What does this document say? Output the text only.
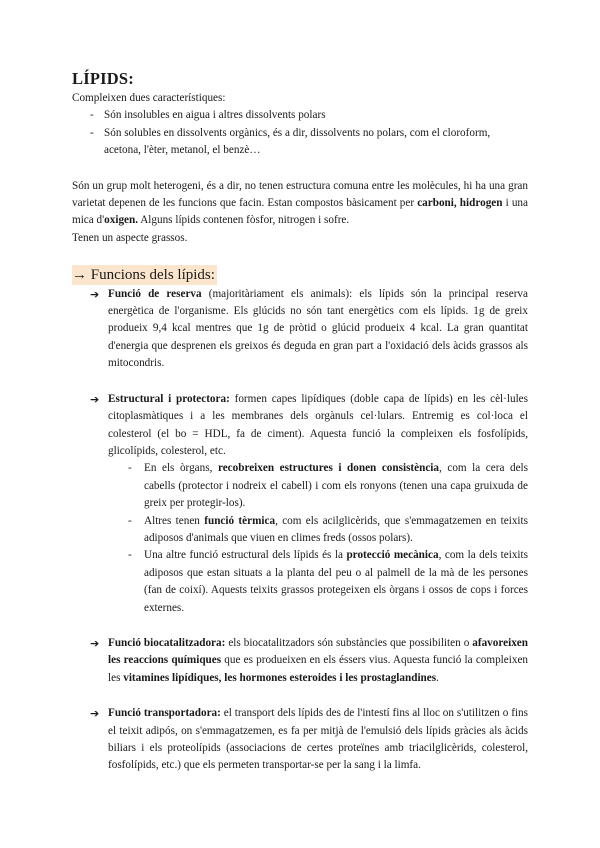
LÍPIDS:

Compleixen dues característiques:

- Són insolubles en aigua i altres dissolvents polars
- Són solubles en dissolvents orgànics, és a dir, dissolvents no polars, com el cloroform, acetona, l'èter, metanol, el benzè…

Són un grup molt heterogeni, és a dir, no tenen estructura comuna entre les molècules, hi ha una gran varietat depenen de les funcions que facin. Estan compostos bàsicament per carboni, hidrogen i una mica d'oxigen. Alguns lípids contenen fòsfor, nitrogen i sofre.

Tenen un aspecte grassos.

→ Funcions dels lípids:
➔ Funció de reserva (majoritàriament els animals): els lípids són la principal reserva energètica de l'organisme. Els glúcids no són tant energètics com els lípids. 1g de greix produeix 9,4 kcal mentres que 1g de pròtid o glúcid produeix 4 kcal. La gran quantitat d'energia que desprenen els greixos és deguda en gran part a l'oxidació dels àcids grassos als mitocondris.
➔ Estructural i protectora: formen capes lipídiques (doble capa de lípids) en les cèl·lules citoplasmàtiques i a les membranes dels orgànuls cel·lulars. Entremig es col·loca el colesterol (el bo = HDL, fa de ciment). Aquesta funció la compleixen els fosfolípids, glicolípids, colesterol, etc.
- En els òrgans, recobreixen estructures i donen consistència, com la cera dels cabells (protector i nodreix el cabell) i com els ronyons (tenen una capa gruixuda de greix per protegir-los).
- Altres tenen funció tèrmica, com els acilglicèrids, que s'emmagatzemen en teixits adiposos d'animals que viuen en climes freds (ossos polars).
- Una altre funció estructural dels lípids és la protecció mecànica, com la dels teixits adiposos que estan situats a la planta del peu o al palmell de la mà de les persones (fan de coixí). Aquests teixits grassos protegeixen els òrgans i ossos de cops i forces externes.
➔ Funció biocatalitzadora: els biocatalitzadors són substàncies que possibiliten o afavoreixen les reaccions químiques que es produeixen en els éssers vius. Aquesta funció la compleixen les vitamines lipídiques, les hormones esteroides i les prostaglandines.
➔ Funció transportadora: el transport dels lípids des de l'intestí fins al lloc on s'utilitzen o fins el teixit adipós, on s'emmagatzemen, es fa per mitjà de l'emulsió dels lípids gràcies als àcids biliars i els proteolípids (associacions de certes proteïnes amb triacilglicèrids, colesterol, fosfolípids, etc.) que els permeten transportar-se per la sang i la limfa.
